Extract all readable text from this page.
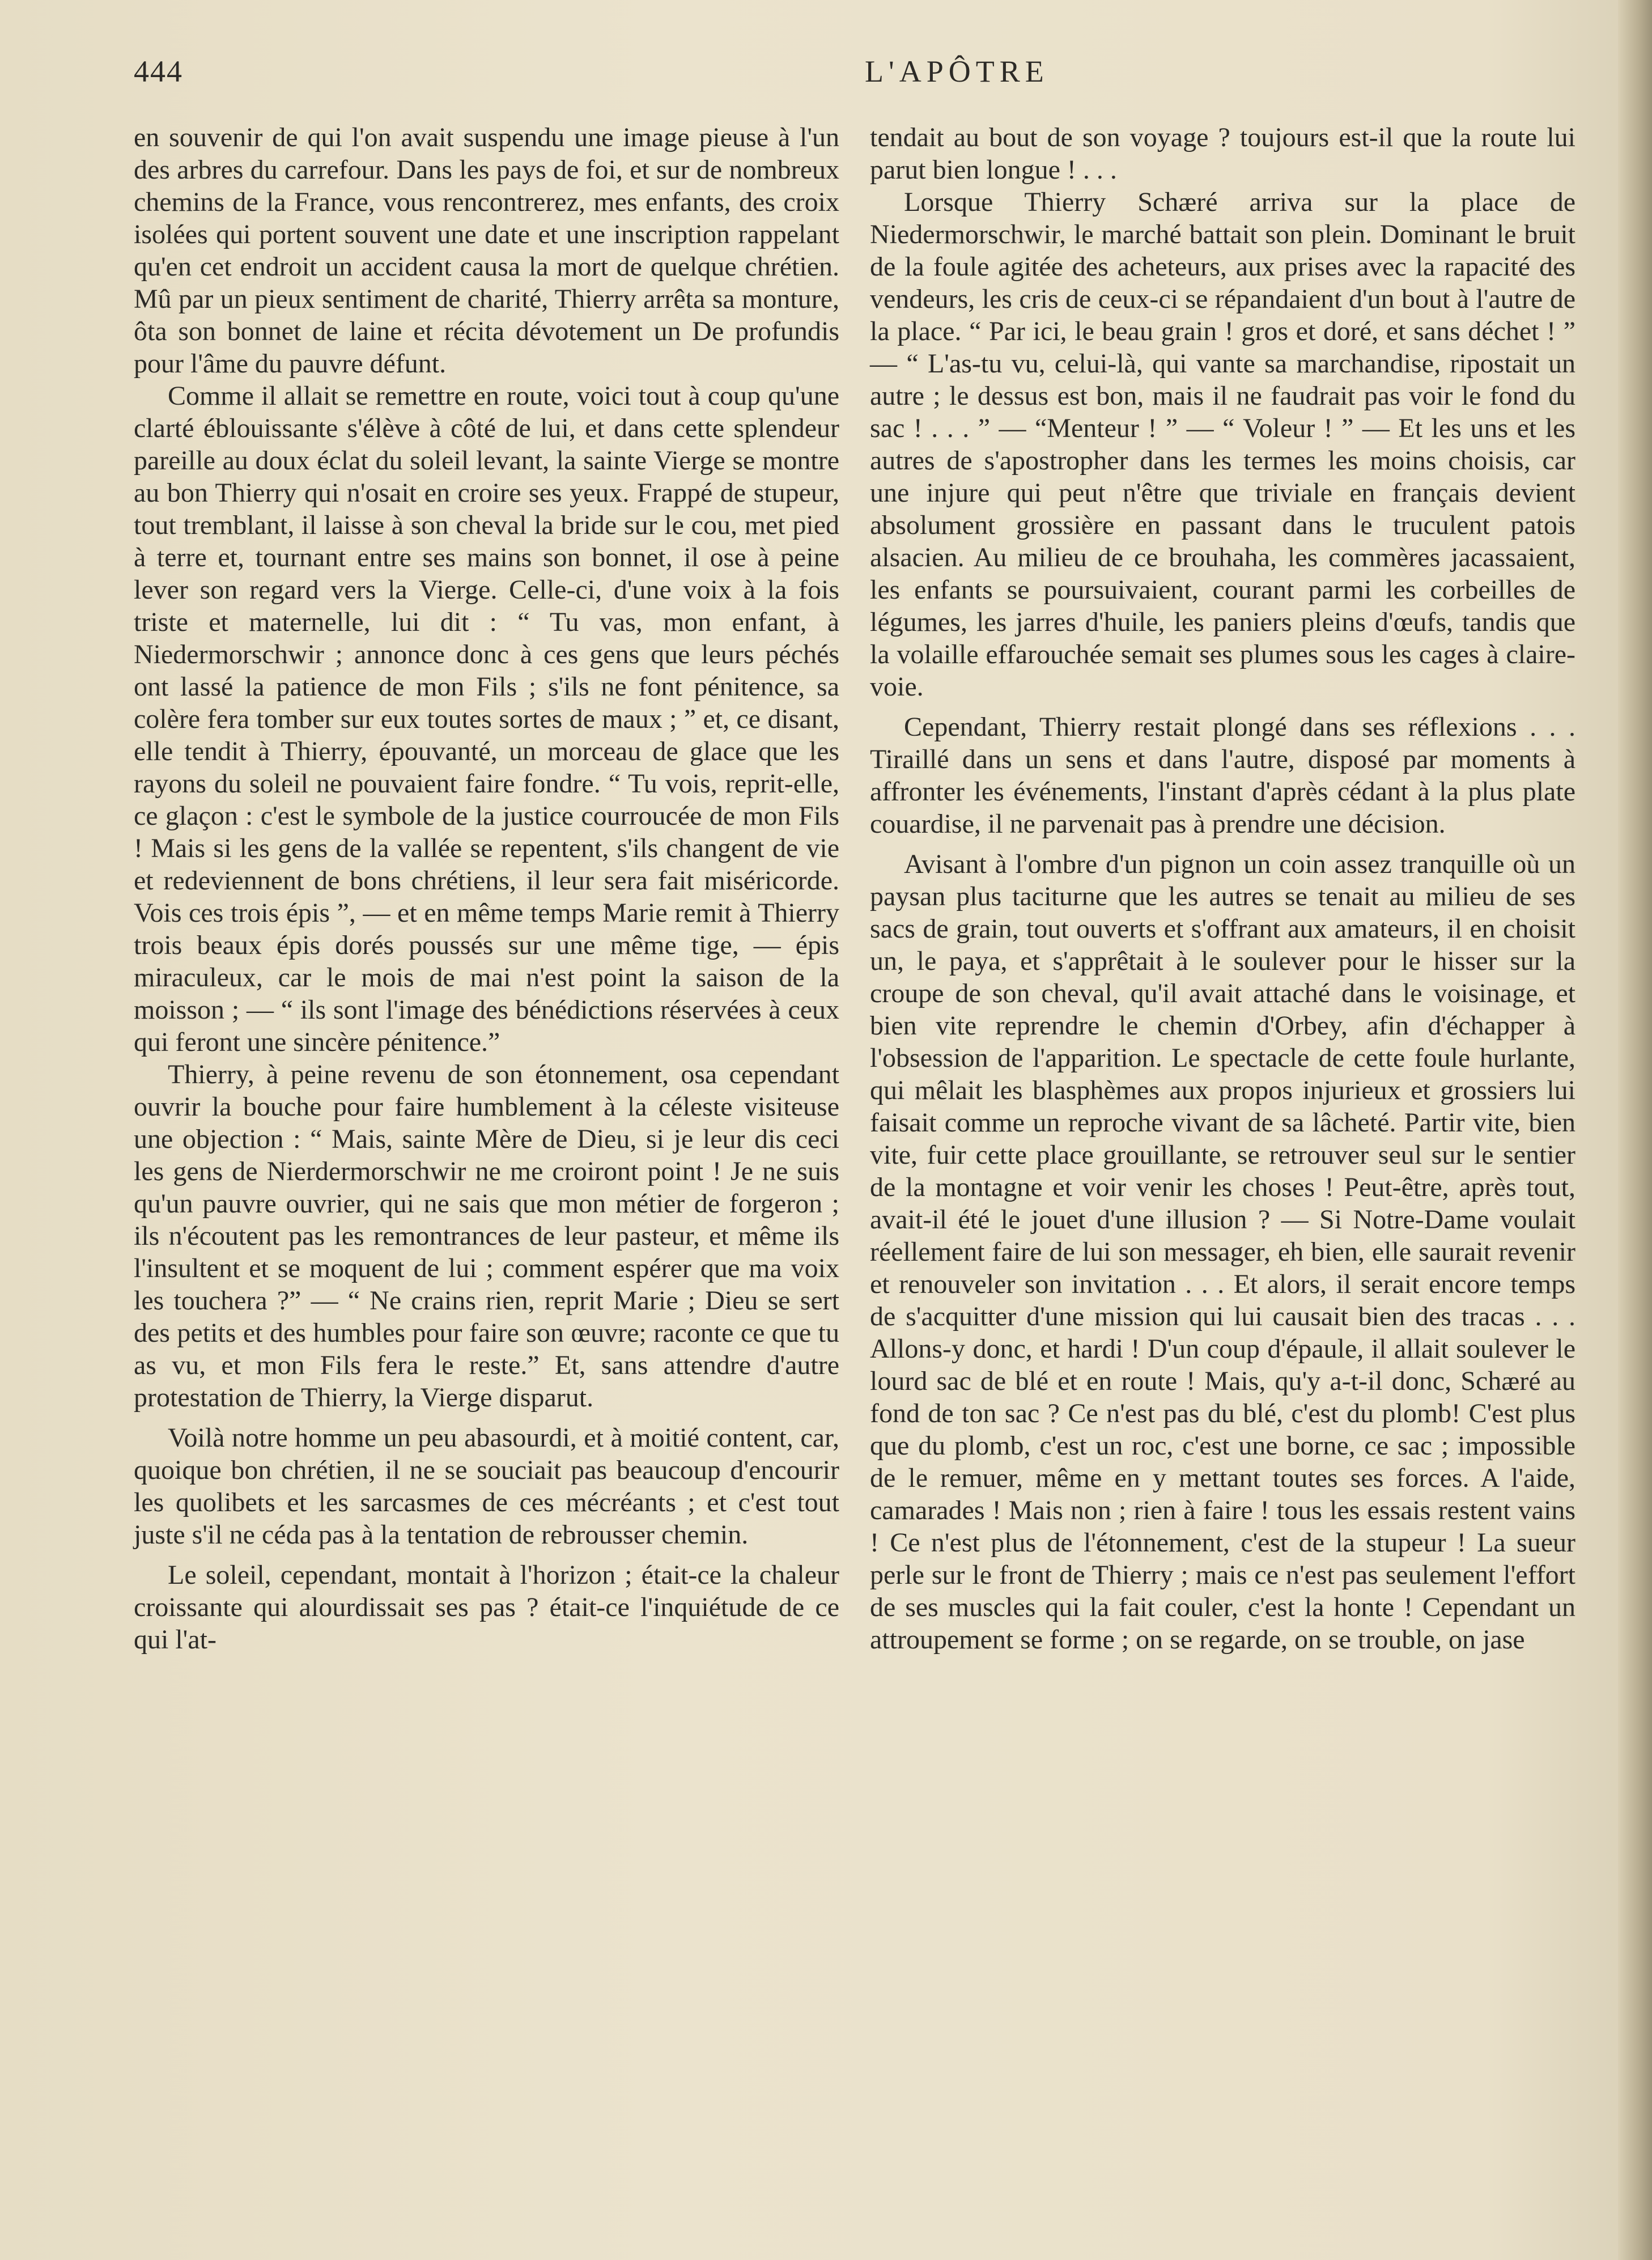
444	L'APÔTRE

en souvenir de qui l'on avait suspendu une image pieuse à l'un des arbres du carrefour. Dans les pays de foi, et sur de nombreux chemins de la France, vous rencontrerez, mes enfants, des croix isolées qui portent souvent une date et une inscription rappelant qu'en cet endroit un accident causa la mort de quelque chrétien. Mû par un pieux sentiment de charité, Thierry arrêta sa monture, ôta son bonnet de laine et récita dévotement un De profundis pour l'âme du pauvre défunt.

Comme il allait se remettre en route, voici tout à coup qu'une clarté éblouissante s'élève à côté de lui, et dans cette splendeur pareille au doux éclat du soleil levant, la sainte Vierge se montre au bon Thierry qui n'osait en croire ses yeux. Frappé de stupeur, tout tremblant, il laisse à son cheval la bride sur le cou, met pied à terre et, tournant entre ses mains son bonnet, il ose à peine lever son regard vers la Vierge. Celle-ci, d'une voix à la fois triste et maternelle, lui dit : “ Tu vas, mon enfant, à Niedermorschwir ; annonce donc à ces gens que leurs péchés ont lassé la patience de mon Fils ; s'ils ne font pénitence, sa colère fera tomber sur eux toutes sortes de maux ; ” et, ce disant, elle tendit à Thierry, épouvanté, un morceau de glace que les rayons du soleil ne pouvaient faire fondre. “ Tu vois, reprit-elle, ce glaçon : c'est le symbole de la justice courroucée de mon Fils ! Mais si les gens de la vallée se repentent, s'ils changent de vie et redeviennent de bons chrétiens, il leur sera fait miséricorde. Vois ces trois épis ”, — et en même temps Marie remit à Thierry trois beaux épis dorés poussés sur une même tige, — épis miraculeux, car le mois de mai n'est point la saison de la moisson ; — “ ils sont l'image des bénédictions réservées à ceux qui feront une sincère pénitence.”

Thierry, à peine revenu de son étonnement, osa cependant ouvrir la bouche pour faire humblement à la céleste visiteuse une objection : “ Mais, sainte Mère de Dieu, si je leur dis ceci les gens de Nierdermorschwir ne me croiront point ! Je ne suis qu'un pauvre ouvrier, qui ne sais que mon métier de forgeron ; ils n'écoutent pas les remontrances de leur pasteur, et même ils l'insultent et se moquent de lui ; comment espérer que ma voix les touchera ?” — “ Ne crains rien, reprit Marie ; Dieu se sert des petits et des humbles pour faire son œuvre; raconte ce que tu as vu, et mon Fils fera le reste.” Et, sans attendre d'autre protestation de Thierry, la Vierge disparut.

Voilà notre homme un peu abasourdi, et à moitié content, car, quoique bon chrétien, il ne se souciait pas beaucoup d'encourir les quolibets et les sarcasmes de ces mécréants ; et c'est tout juste s'il ne céda pas à la tentation de rebrousser chemin.

Le soleil, cependant, montait à l'horizon ; était-ce la chaleur croissante qui alourdissait ses pas ? était-ce l'inquiétude de ce qui l'at-

tendait au bout de son voyage ? toujours est-il que la route lui parut bien longue ! . . .

Lorsque Thierry Schæré arriva sur la place de Niedermorschwir, le marché battait son plein. Dominant le bruit de la foule agitée des acheteurs, aux prises avec la rapacité des vendeurs, les cris de ceux-ci se répandaient d'un bout à l'autre de la place. “ Par ici, le beau grain ! gros et doré, et sans déchet ! ” — “ L'as-tu vu, celui-là, qui vante sa marchandise, ripostait un autre ; le dessus est bon, mais il ne faudrait pas voir le fond du sac ! . . . ” — “Menteur ! ” — “ Voleur ! ” — Et les uns et les autres de s'apostropher dans les termes les moins choisis, car une injure qui peut n'être que triviale en français devient absolument grossière en passant dans le truculent patois alsacien. Au milieu de ce brouhaha, les commères jacassaient, les enfants se poursuivaient, courant parmi les corbeilles de légumes, les jarres d'huile, les paniers pleins d'œufs, tandis que la volaille effarouchée semait ses plumes sous les cages à claire-voie.

Cependant, Thierry restait plongé dans ses réflexions . . . Tiraillé dans un sens et dans l'autre, disposé par moments à affronter les événements, l'instant d'après cédant à la plus plate couardise, il ne parvenait pas à prendre une décision.

Avisant à l'ombre d'un pignon un coin assez tranquille où un paysan plus taciturne que les autres se tenait au milieu de ses sacs de grain, tout ouverts et s'offrant aux amateurs, il en choisit un, le paya, et s'apprêtait à le soulever pour le hisser sur la croupe de son cheval, qu'il avait attaché dans le voisinage, et bien vite reprendre le chemin d'Orbey, afin d'échapper à l'obsession de l'apparition. Le spectacle de cette foule hurlante, qui mêlait les blasphèmes aux propos injurieux et grossiers lui faisait comme un reproche vivant de sa lâcheté. Partir vite, bien vite, fuir cette place grouillante, se retrouver seul sur le sentier de la montagne et voir venir les choses ! Peut-être, après tout, avait-il été le jouet d'une illusion ? — Si Notre-Dame voulait réellement faire de lui son messager, eh bien, elle saurait revenir et renouveler son invitation . . . Et alors, il serait encore temps de s'acquitter d'une mission qui lui causait bien des tracas . . . Allons-y donc, et hardi ! D'un coup d'épaule, il allait soulever le lourd sac de blé et en route ! Mais, qu'y a-t-il donc, Schæré au fond de ton sac ? Ce n'est pas du blé, c'est du plomb! C'est plus que du plomb, c'est un roc, c'est une borne, ce sac ; impossible de le remuer, même en y mettant toutes ses forces. A l'aide, camarades ! Mais non ; rien à faire ! tous les essais restent vains ! Ce n'est plus de l'étonnement, c'est de la stupeur ! La sueur perle sur le front de Thierry ; mais ce n'est pas seulement l'effort de ses muscles qui la fait couler, c'est la honte ! Cependant un attroupement se forme ; on se regarde, on se trouble, on jase
